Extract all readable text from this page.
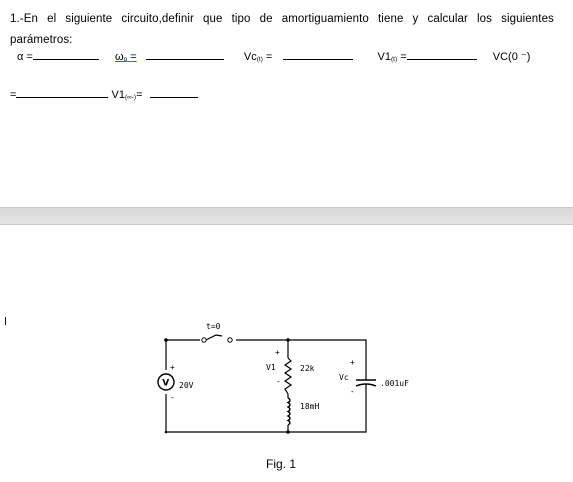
1.-En el siguiente circuito,definir que tipo de amortiguamiento tiene y calcular los siguientes
parámetros:
α =	ωo =	Vc(t) =	V1(t) =	VC(0 ⁻)
=	V1(∞-)=
t=0
V
+
-
20V
22k
18mH
+
V1
-	.001uF
+
Vc
-
Fig. 1
